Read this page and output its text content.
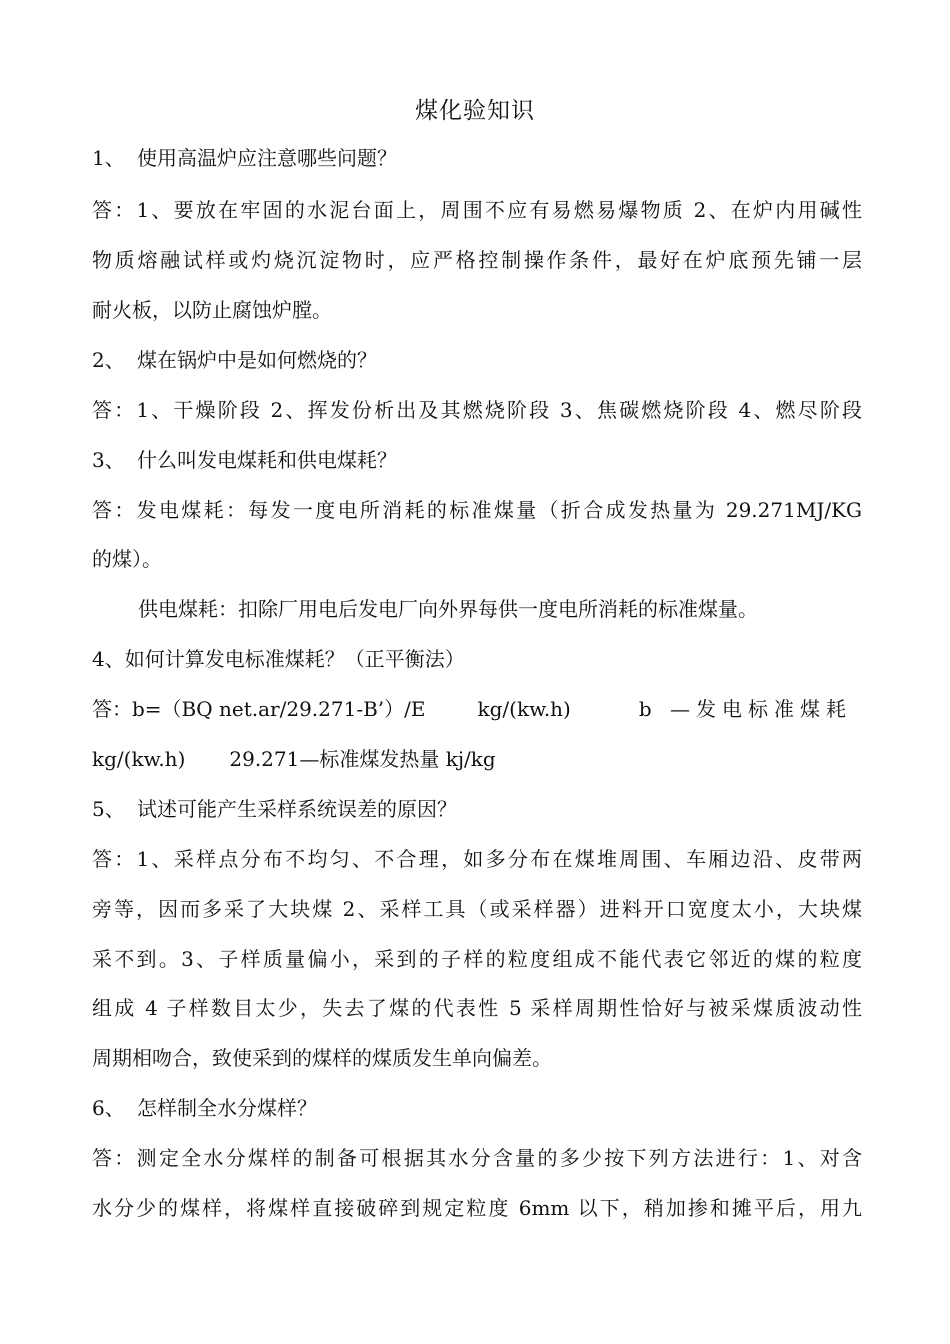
煤化验知识
1、 使用高温炉应注意哪些问题？
答：1、要放在牢固的水泥台面上，周围不应有易燃易爆物质 2、在炉内用碱性
物质熔融试样或灼烧沉淀物时，应严格控制操作条件，最好在炉底预先铺一层
耐火板，以防止腐蚀炉膛。
2、 煤在锅炉中是如何燃烧的？
答：1、干燥阶段 2、挥发份析出及其燃烧阶段 3、焦碳燃烧阶段 4、燃尽阶段
3、 什么叫发电煤耗和供电煤耗？
答：发电煤耗：每发一度电所消耗的标准煤量（折合成发热量为 29.271MJ/KG
的煤）。
供电煤耗：扣除厂用电后发电厂向外界每供一度电所消耗的标准煤量。
4、如何计算发电标准煤耗？（正平衡法）
答：b=（BQ net.ar/29.271-B’）/E	kg/(kw.h)	b —发电标准煤耗
kg/(kw.h) 29.271—标准煤发热量 kj/kg
5、 试述可能产生采样系统误差的原因？
答：1、采样点分布不均匀、不合理，如多分布在煤堆周围、车厢边沿、皮带两
旁等，因而多采了大块煤 2、采样工具（或采样器）进料开口宽度太小，大块煤
采不到。3、子样质量偏小，采到的子样的粒度组成不能代表它邻近的煤的粒度
组成 4 子样数目太少，失去了煤的代表性 5 采样周期性恰好与被采煤质波动性
周期相吻合，致使采到的煤样的煤质发生单向偏差。
6、 怎样制全水分煤样？
答：测定全水分煤样的制备可根据其水分含量的多少按下列方法进行：1、对含
水分少的煤样，将煤样直接破碎到规定粒度 6mm 以下，稍加掺和摊平后，用九
